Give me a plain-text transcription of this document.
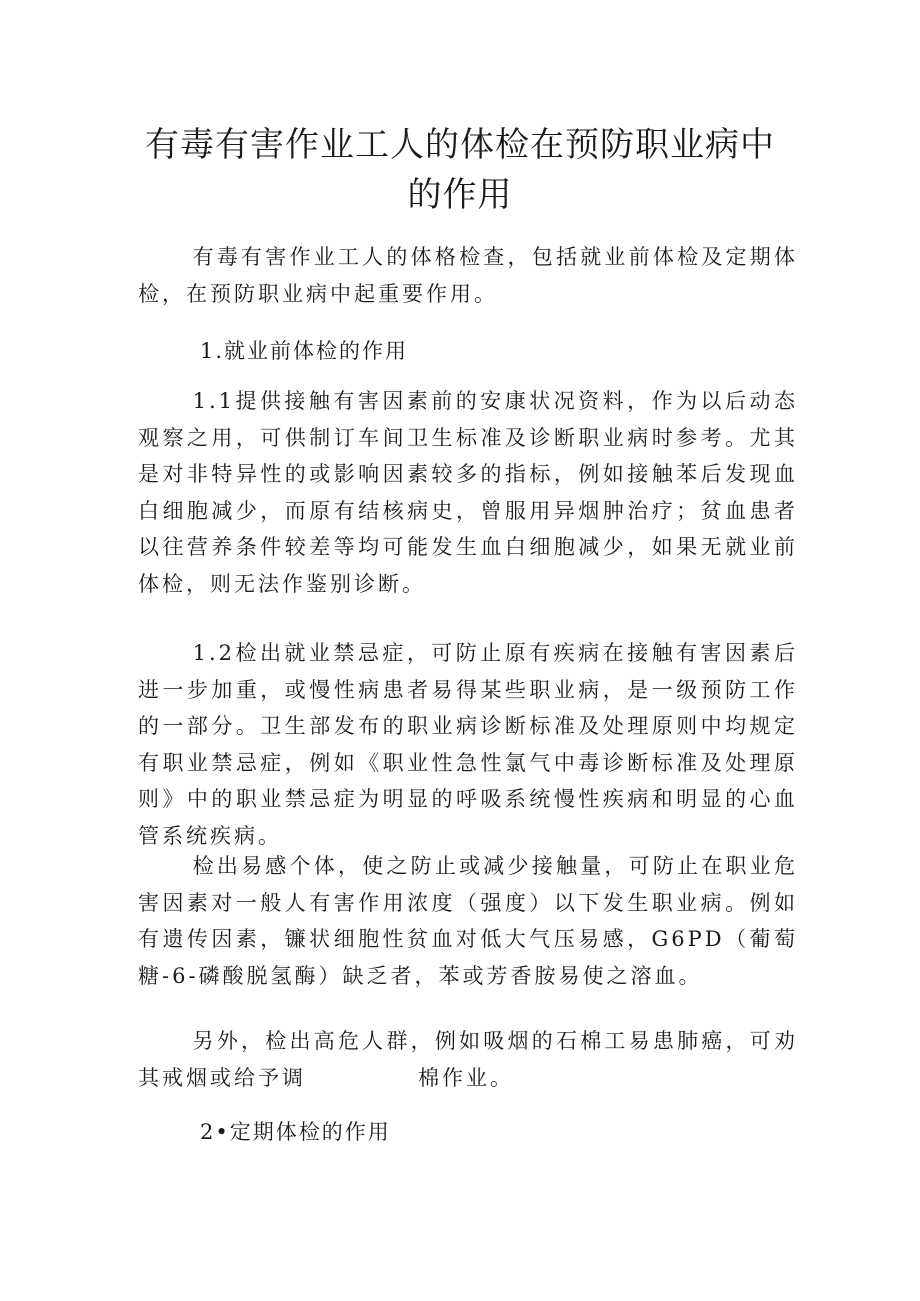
有毒有害作业工人的体检在预防职业病中
的作用

有毒有害作业工人的体格检查，包括就业前体检及定期体检，在预防职业病中起重要作用。

1.就业前体检的作用

1.1提供接触有害因素前的安康状况资料，作为以后动态观察之用，可供制订车间卫生标准及诊断职业病时参考。尤其是对非特异性的或影响因素较多的指标，例如接触苯后发现血白细胞减少，而原有结核病史，曾服用异烟肿治疗；贫血患者以往营养条件较差等均可能发生血白细胞减少，如果无就业前体检，则无法作鉴别诊断。

1.2检出就业禁忌症，可防止原有疾病在接触有害因素后进一步加重，或慢性病患者易得某些职业病，是一级预防工作的一部分。卫生部发布的职业病诊断标准及处理原则中均规定有职业禁忌症，例如《职业性急性氯气中毒诊断标准及处理原则》中的职业禁忌症为明显的呼吸系统慢性疾病和明显的心血管系统疾病。

检出易感个体，使之防止或减少接触量，可防止在职业危害因素对一般人有害作用浓度（强度）以下发生职业病。例如有遗传因素，镰状细胞性贫血对低大气压易感，G6PD（葡萄糖-6-磷酸脱氢酶）缺乏者，苯或芳香胺易使之溶血。

另外，检出高危人群，例如吸烟的石棉工易患肺癌，可劝其戒烟或给予调	棉作业。

2•定期体检的作用
